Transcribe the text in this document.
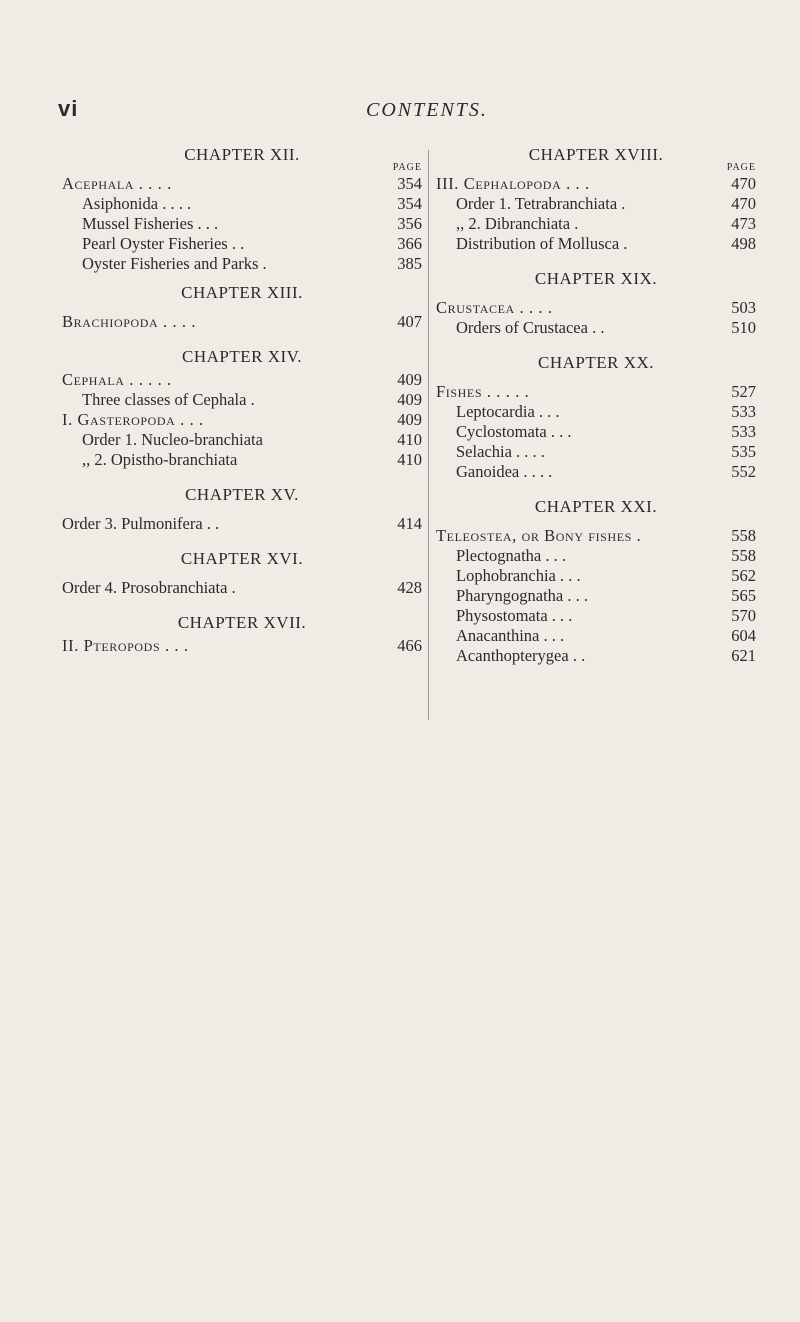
vi	CONTENTS.
CHAPTER XII.
PAGE
Acephala . . . .	354
Asiphonida . . . .	354
Mussel Fisheries . . .	356
Pearl Oyster Fisheries . .	366
Oyster Fisheries and Parks .	385
CHAPTER XIII.
Brachiopoda . . . .	407
CHAPTER XIV.
Cephala . . . . .	409
Three classes of Cephala .	409
I. Gasteropoda . . .	409
Order 1. Nucleo-branchiata	410
,, 2. Opistho-branchiata	410
CHAPTER XV.
Order 3. Pulmonifera . .	414
CHAPTER XVI.
Order 4. Prosobranchiata .	428
CHAPTER XVII.
II. Pteropods . . .	466
CHAPTER XVIII.
PAGE
III. Cephalopoda . . .	470
Order 1. Tetrabranchiata .	470
,, 2. Dibranchiata .	473
Distribution of Mollusca .	498
CHAPTER XIX.
Crustacea . . . .	503
Orders of Crustacea . .	510
CHAPTER XX.
Fishes . . . . .	527
Leptocardia . . .	533
Cyclostomata . . .	533
Selachia . . . .	535
Ganoidea . . . .	552
CHAPTER XXI.
Teleostea, or Bony fishes .	558
Plectognatha . . .	558
Lophobranchia . . .	562
Pharyngognatha . . .	565
Physostomata . . .	570
Anacanthina . . .	604
Acanthopterygea . .	621
